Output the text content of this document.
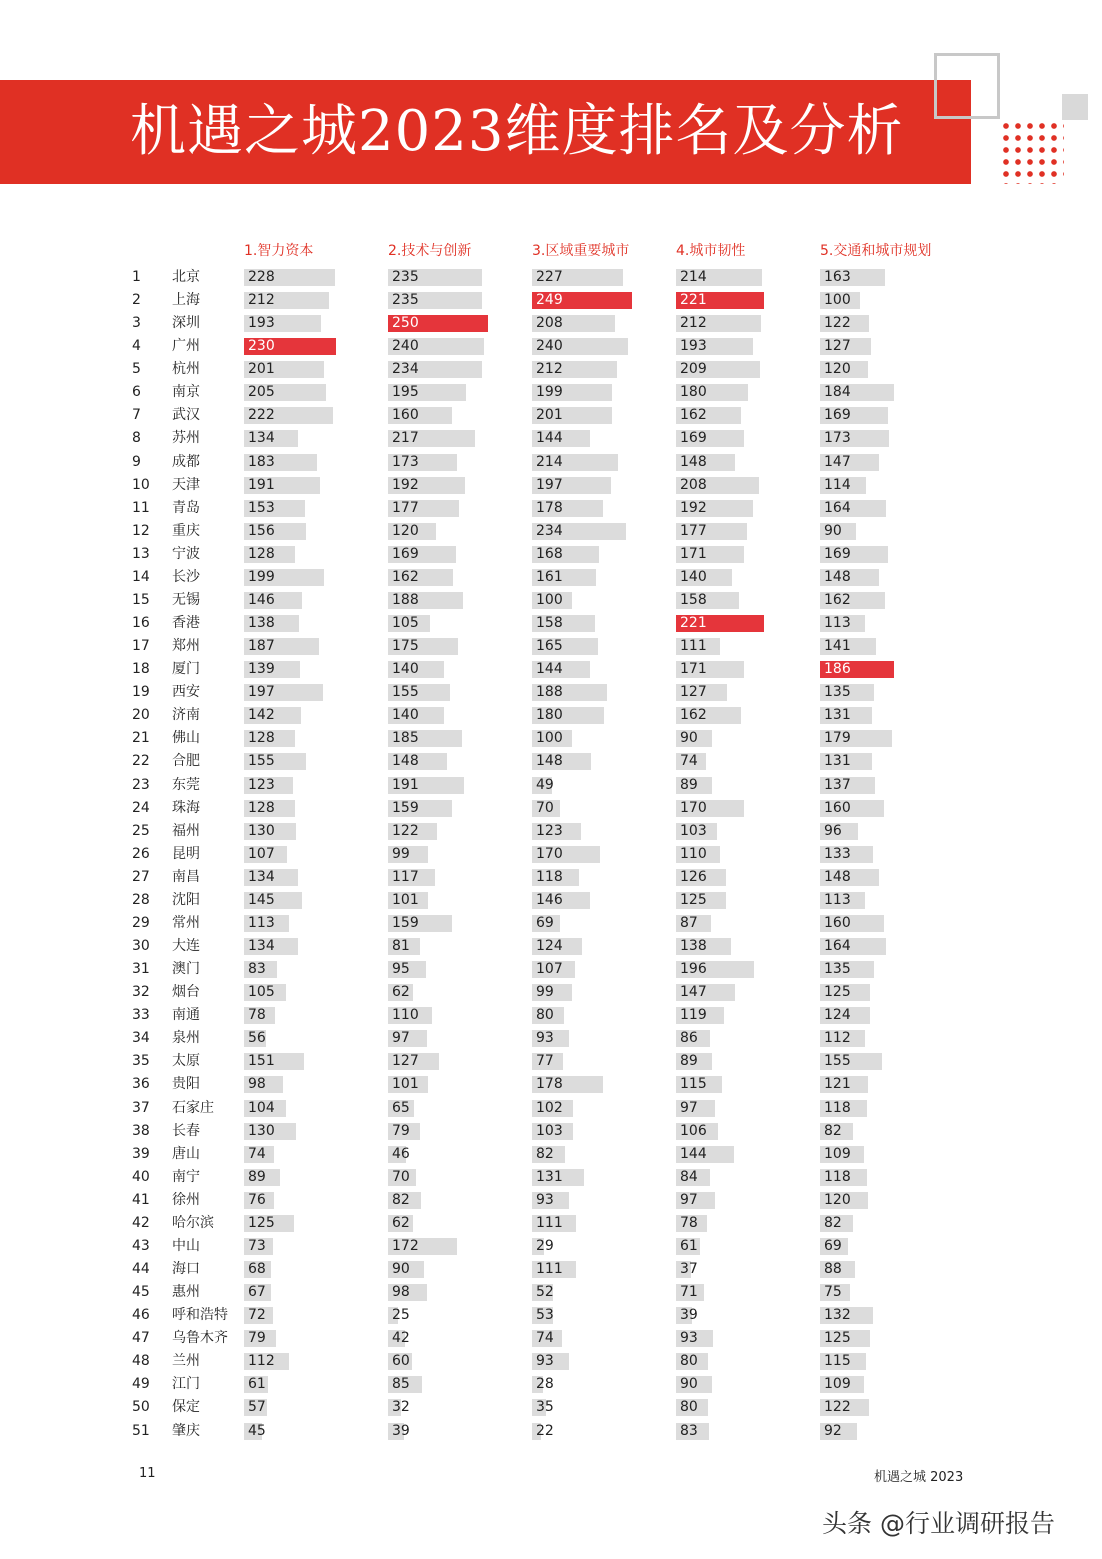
机遇之城2023维度排名及分析
1.智力资本	2.技术与创新	3.区域重要城市	4.城市韧性	5.交通和城市规划
1 北京	228	235	227	214	163
2 上海	212	235	249	221	100
3 深圳	193	250	208	212	122
4 广州	230	240	240	193	127
5 杭州	201	234	212	209	120
6 南京	205	195	199	180	184
7 武汉	222	160	201	162	169
8 苏州	134	217	144	169	173
9 成都	183	173	214	148	147
10 天津	191	192	197	208	114
11 青岛	153	177	178	192	164
12 重庆	156	120	234	177	90
13 宁波	128	169	168	171	169
14 长沙	199	162	161	140	148
15 无锡	146	188	100	158	162
16 香港	138	105	158	221	113
17 郑州	187	175	165	111	141
18 厦门	139	140	144	171	186
19 西安	197	155	188	127	135
20 济南	142	140	180	162	131
21 佛山	128	185	100	90	179
22 合肥	155	148	148	74	131
23 东莞	123	191	49	89	137
24 珠海	128	159	70	170	160
25 福州	130	122	123	103	96
26 昆明	107	99	170	110	133
27 南昌	134	117	118	126	148
28 沈阳	145	101	146	125	113
29 常州	113	159	69	87	160
30 大连	134	81	124	138	164
31 澳门	83	95	107	196	135
32 烟台	105	62	99	147	125
33 南通	78	110	80	119	124
34 泉州	56	97	93	86	112
35 太原	151	127	77	89	155
36 贵阳	98	101	178	115	121
37 石家庄 104	65	102	97	118
38 长春	130	79	103	106	82
39 唐山	74	46	82	144	109
40 南宁	89	70	131	84	118
41 徐州	76	82	93	97	120
42 哈尔滨 125	62	111	78	82
43 中山	73	172	29	61	69
44 海口	68	90	111	37	88
45 惠州	67	98	52	71	75
46 呼和浩特 72	25	53	39	132
47 乌鲁木齐 79	42	74	93	125
48 兰州	112	60	93	80	115
49 江门	61	85	28	90	109
50 保定	57	32	35	80	122
51 肇庆	45	39	22	83	92
11	机遇之城 2023
头条 @行业调研报告
